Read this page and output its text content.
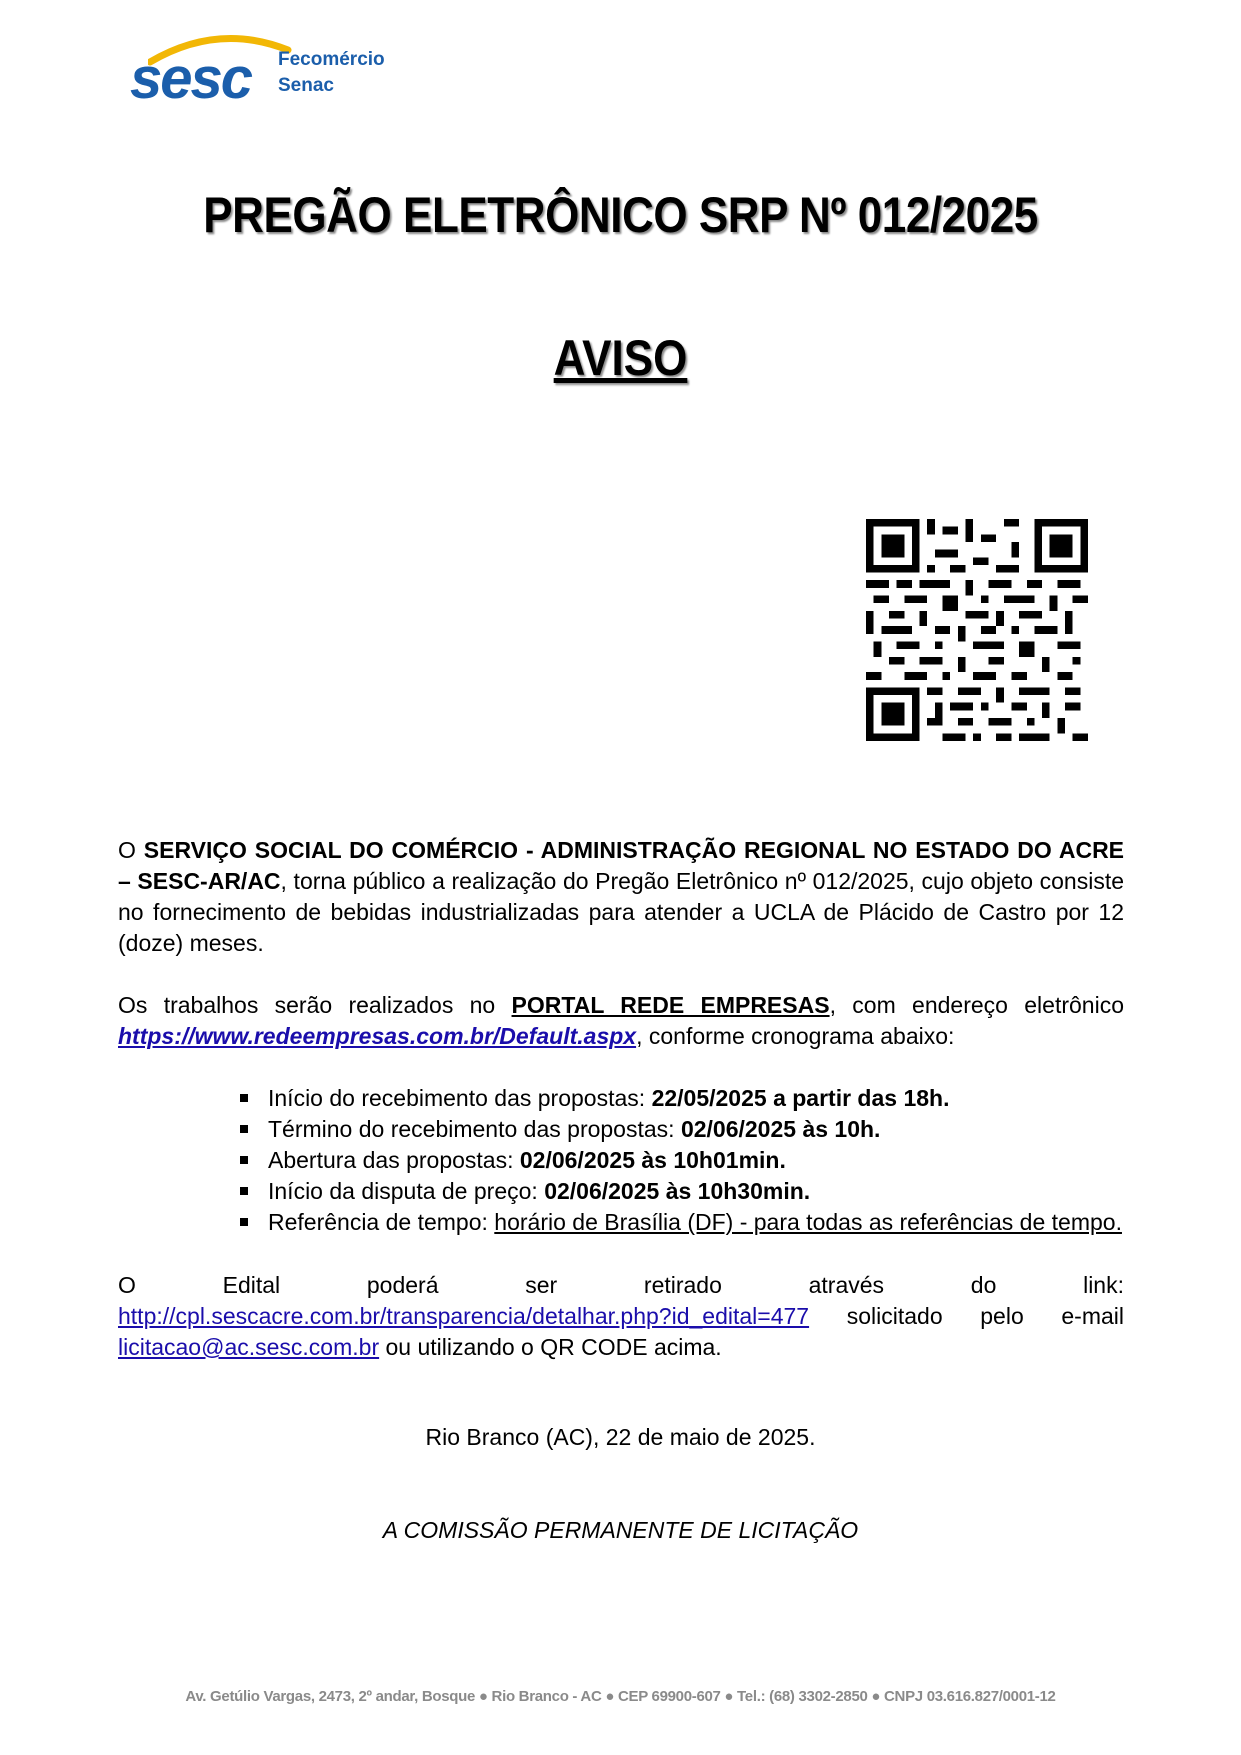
sesc Fecomércio
Senac
PREGÃO ELETRÔNICO SRP Nº 012/2025
AVISO

O SERVIÇO SOCIAL DO COMÉRCIO - ADMINISTRAÇÃO REGIONAL NO ESTADO DO ACRE – SESC-AR/AC, torna público a realização do Pregão Eletrônico nº 012/2025, cujo objeto consiste no fornecimento de bebidas industrializadas para atender a UCLA de Plácido de Castro por 12 (doze) meses.

Os trabalhos serão realizados no PORTAL REDE EMPRESAS, com endereço eletrônico https://www.redeempresas.com.br/Default.aspx, conforme cronograma abaixo:

Início do recebimento das propostas: 22/05/2025 a partir das 18h.
Término do recebimento das propostas: 02/06/2025 às 10h.
Abertura das propostas: 02/06/2025 às 10h01min.
Início da disputa de preço: 02/06/2025 às 10h30min.
Referência de tempo: horário de Brasília (DF) - para todas as referências de tempo.

O Edital poderá ser retirado através do link:

http://cpl.sescacre.com.br/transparencia/detalhar.php?id_edital=477 solicitado pelo e-mail

licitacao@ac.sesc.com.br ou utilizando o QR CODE acima.

Rio Branco (AC), 22 de maio de 2025.
A COMISSÃO PERMANENTE DE LICITAÇÃO
Av. Getúlio Vargas, 2473, 2º andar, Bosque ● Rio Branco - AC ● CEP 69900-607 ● Tel.: (68) 3302-2850 ● CNPJ 03.616.827/0001-12
